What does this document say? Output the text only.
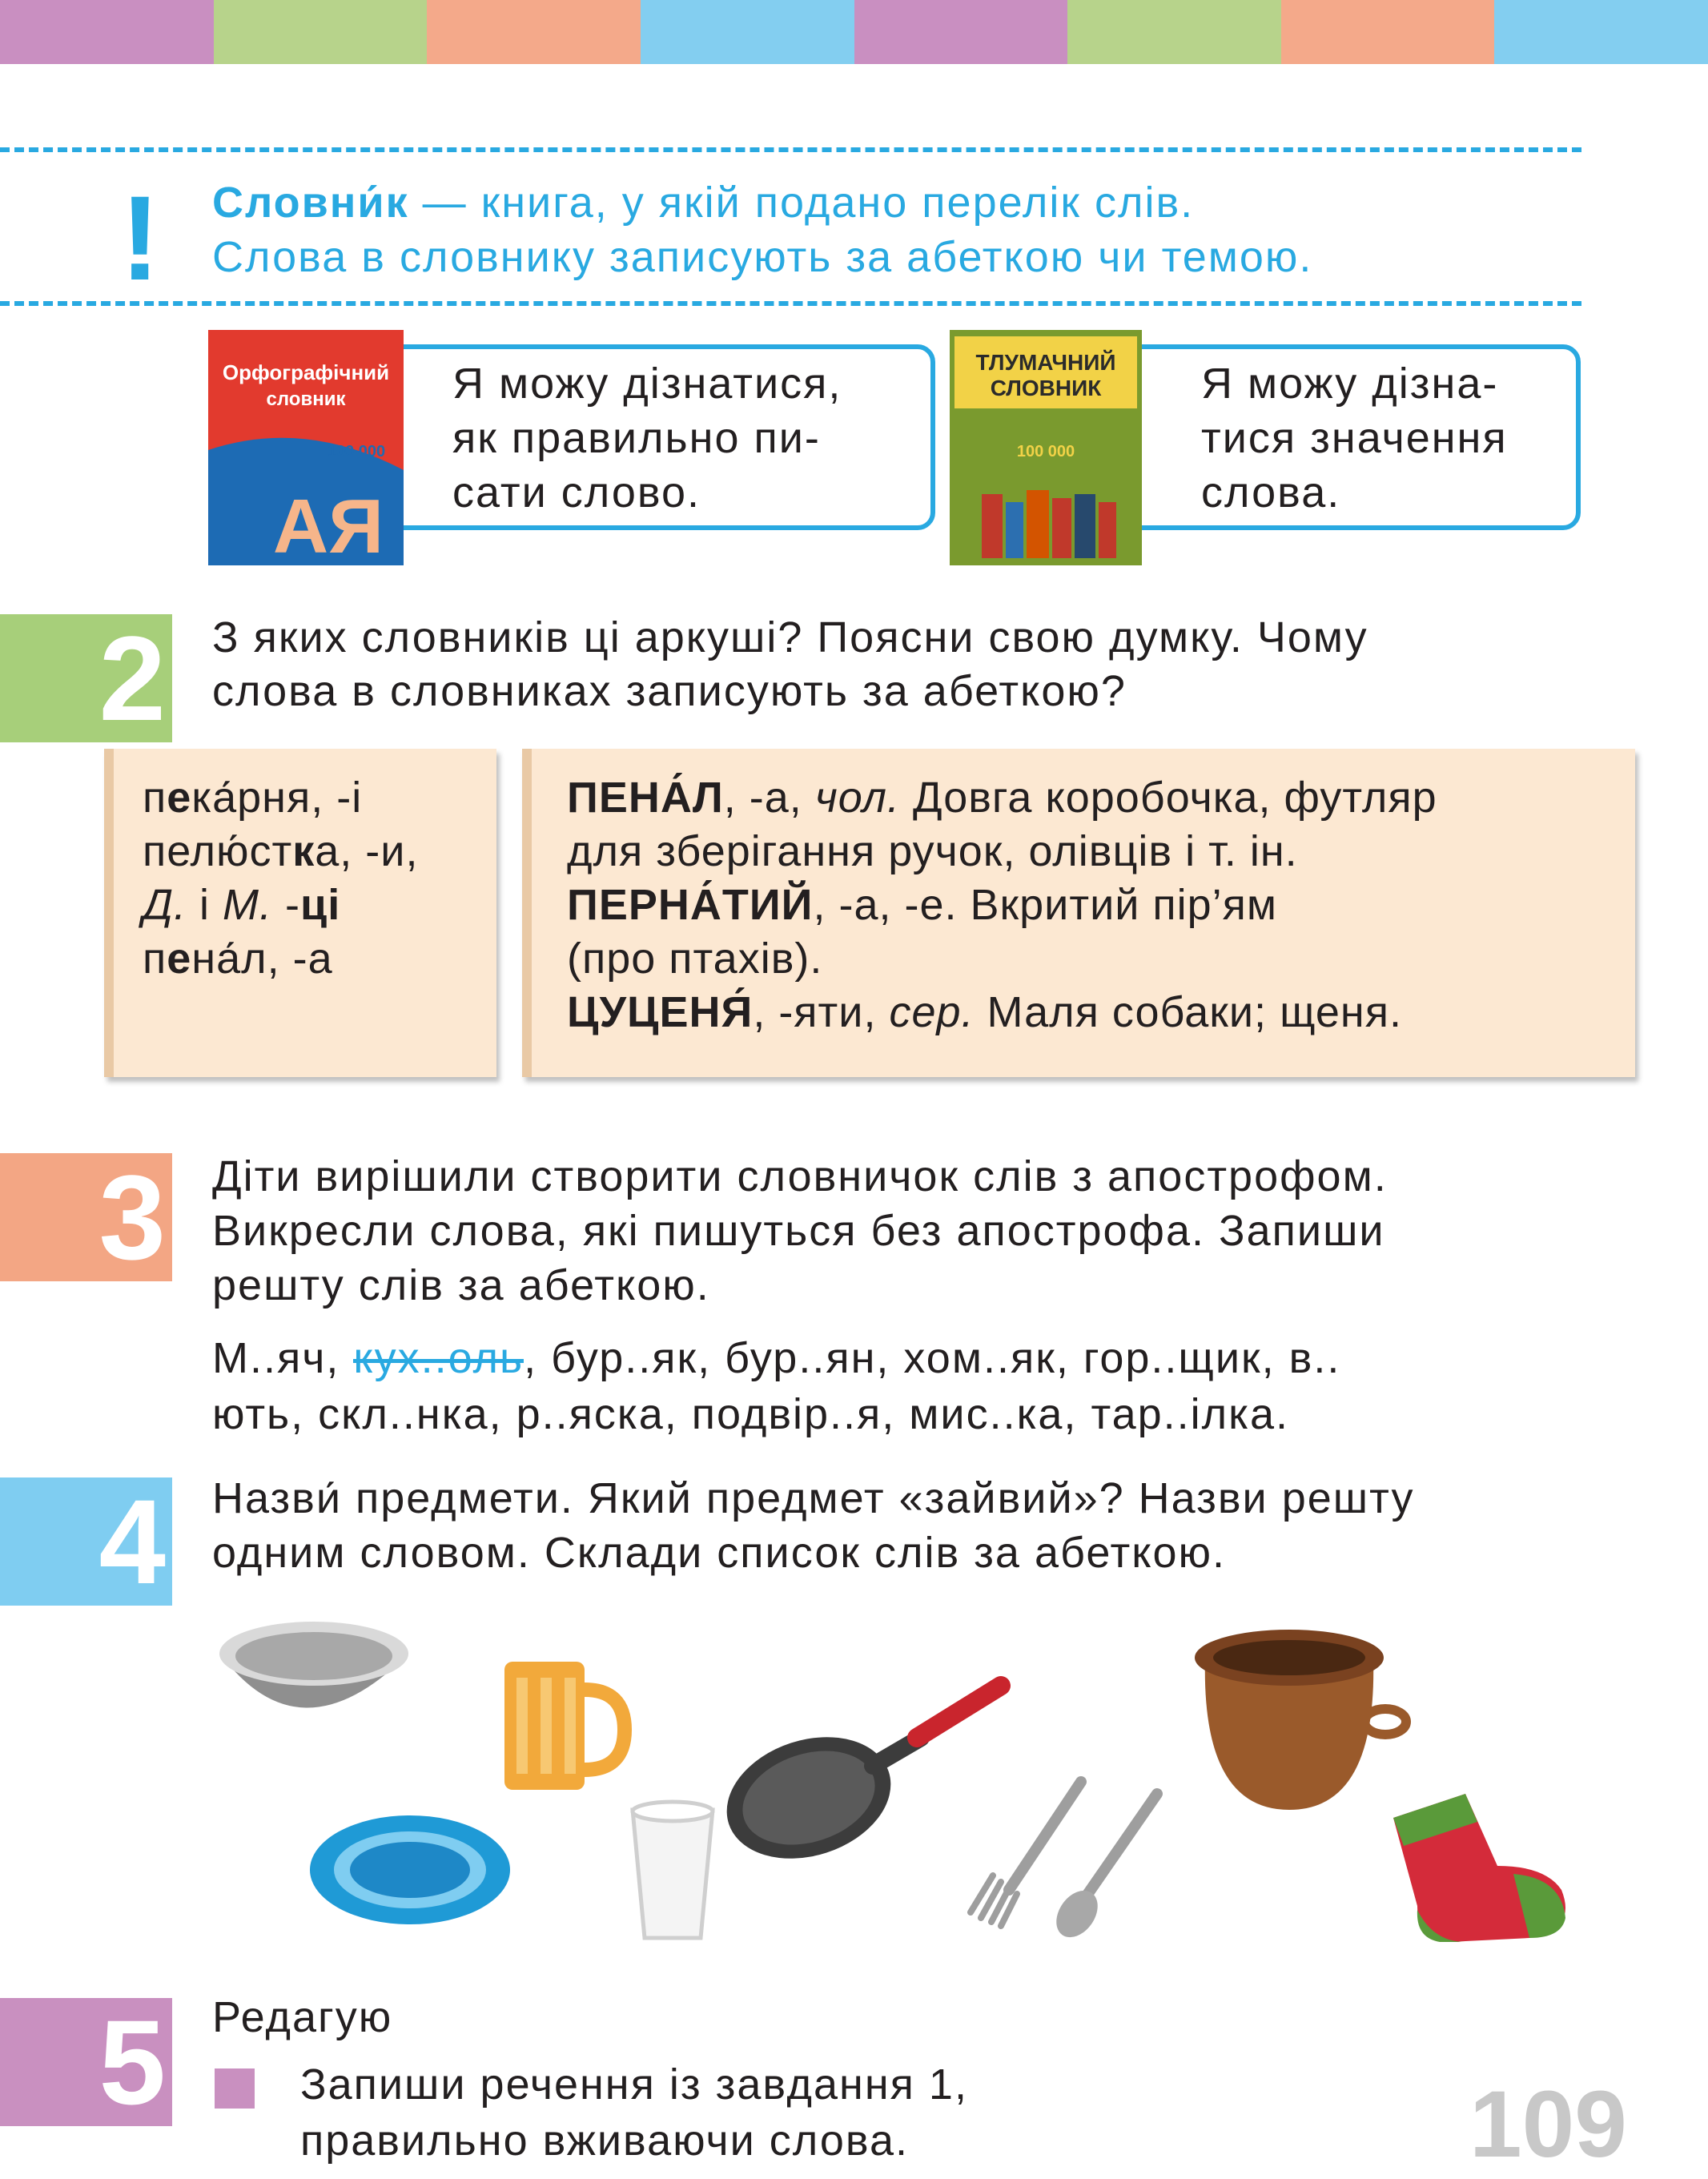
! Словни́к — книга, у якій подано перелік слів.
Слова в словнику записують за абеткою чи темою.
Орфографічний
словник
100 000
АЯ
Я можу дізнатися,
як правильно пи-
сати слово.
ТЛУМАЧНИЙ
СЛОВНИК
100 000
Я можу дізна-
тися значення
слова.
2 З яких словників ці аркуші? Поясни свою думку. Чому
слова в словниках записують за абеткою?
пека́рня, -і
пелю́стка, -и,
Д. і М. -ці
пена́л, -а
ПЕНА́Л, -а, чол. Довга коробочка, футляр
для зберігання ручок, олівців і т. ін.
ПЕРНА́ТИЙ, -а, -е. Вкритий пір’ям
(про птахів).
ЦУЦЕНЯ́, -яти, сер. Маля собаки; щеня.
3 Діти вирішили створити словничок слів з апострофом.
Викресли слова, які пишуться без апострофа. Запиши
решту слів за абеткою.
М..яч, кух..оль, бур..як, бур..ян, хом..як, гор..щик, в..
ють, скл..нка, р..яска, подвір..я, мис..ка, тар..ілка.
4 Назви́ предмети. Який предмет «зайвий»? Назви решту
одним словом. Склади список слів за абеткою.
5 Редагую
Запиши речення із завдання 1,
правильно вживаючи слова.	109
